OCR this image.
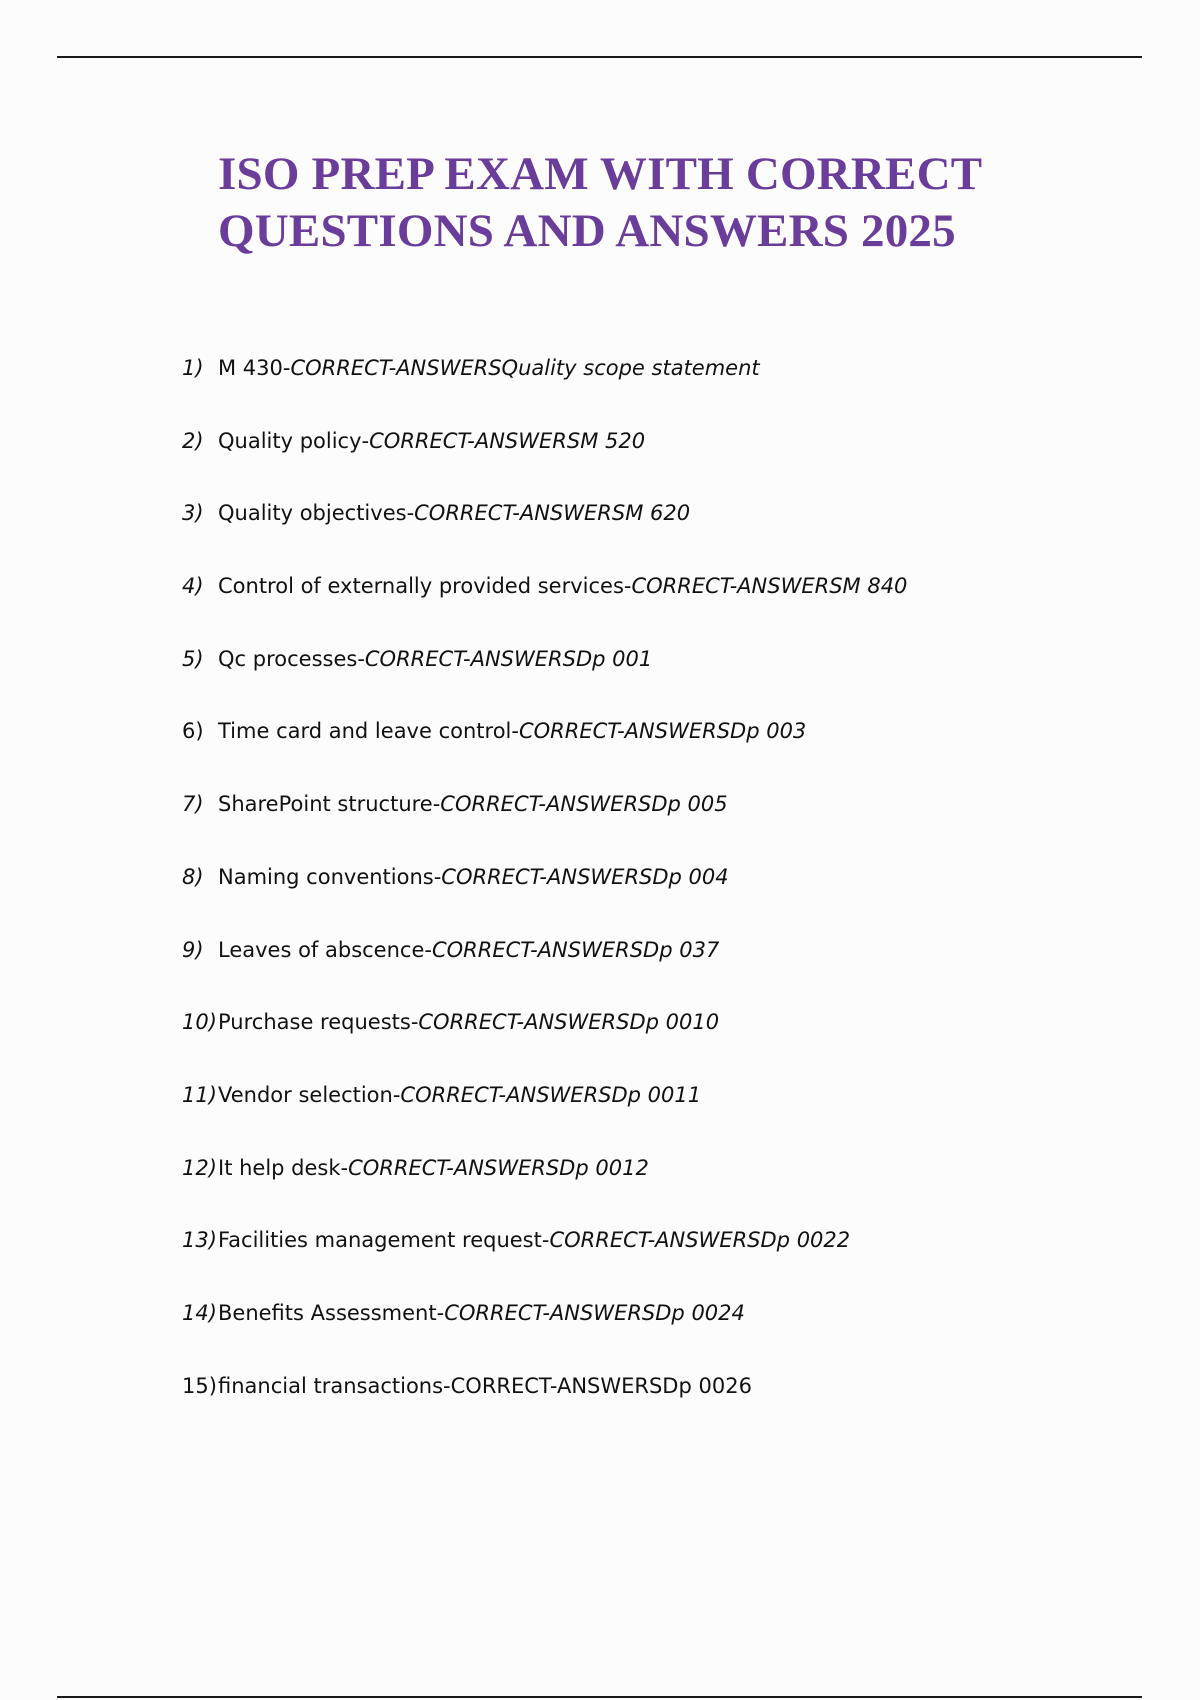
ISO PREP EXAM WITH CORRECT
QUESTIONS AND ANSWERS 2025
1) M 430 - CORRECT-ANSWERSQuality scope statement
2) Quality policy - CORRECT-ANSWERSM 520
3) Quality objectives - CORRECT-ANSWERSM 620
4) Control of externally provided services - CORRECT-ANSWERSM 840
5) Qc processes - CORRECT-ANSWERSDp 001
6) Time card and leave control - CORRECT-ANSWERSDp 003
7) SharePoint structure - CORRECT-ANSWERSDp 005
8) Naming conventions - CORRECT-ANSWERSDp 004
9) Leaves of abscence - CORRECT-ANSWERSDp 037
10) Purchase requests - CORRECT-ANSWERSDp 0010
11) Vendor selection - CORRECT-ANSWERSDp 0011
12) It help desk - CORRECT-ANSWERSDp 0012
13) Facilities management request - CORRECT-ANSWERSDp 0022
14) Benefits Assessment - CORRECT-ANSWERSDp 0024
15) financial transactions - CORRECT-ANSWERSDp 0026
